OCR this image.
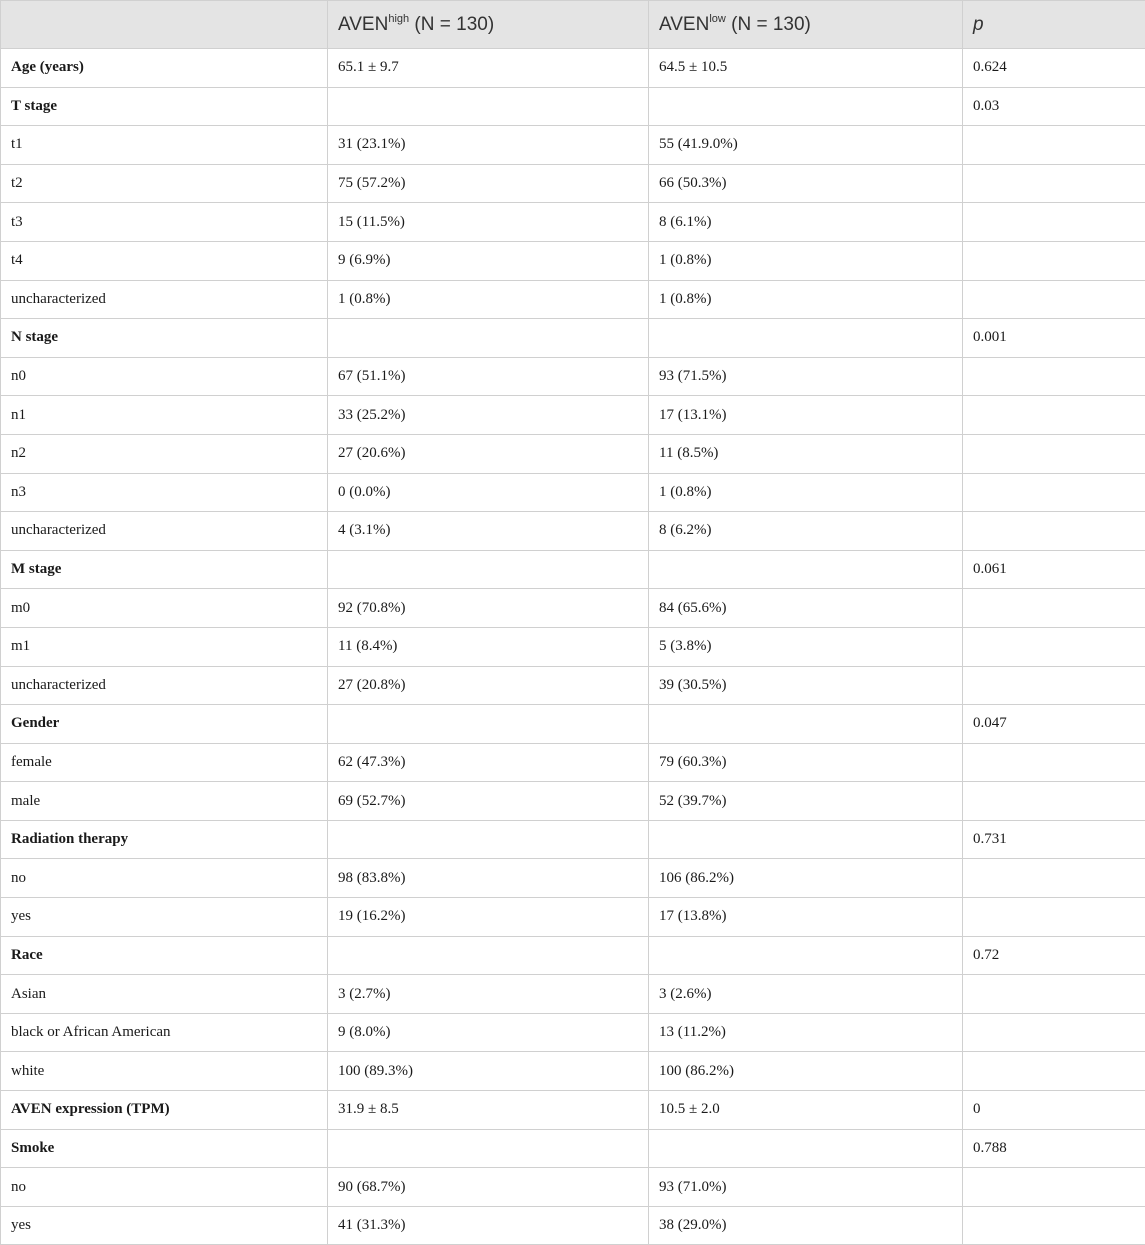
	$AVEN^{high}$ (N = 130)	$AVEN^{low}$ (N = 130)	p
Age (years)	65.1 ± 9.7	64.5 ± 10.5	0.624
T stage			0.03
t1	31 (23.1%)	55 (41.9.0%)	
t2	75 (57.2%)	66 (50.3%)	
t3	15 (11.5%)	8 (6.1%)	
t4	9 (6.9%)	1 (0.8%)	
uncharacterized	1 (0.8%)	1 (0.8%)	
N stage			0.001
n0	67 (51.1%)	93 (71.5%)	
n1	33 (25.2%)	17 (13.1%)	
n2	27 (20.6%)	11 (8.5%)	
n3	0 (0.0%)	1 (0.8%)	
uncharacterized	4 (3.1%)	8 (6.2%)	
M stage			0.061
m0	92 (70.8%)	84 (65.6%)	
m1	11 (8.4%)	5 (3.8%)	
uncharacterized	27 (20.8%)	39 (30.5%)	
Gender			0.047
female	62 (47.3%)	79 (60.3%)	
male	69 (52.7%)	52 (39.7%)	
Radiation therapy			0.731
no	98 (83.8%)	106 (86.2%)	
yes	19 (16.2%)	17 (13.8%)	
Race			0.72
Asian	3 (2.7%)	3 (2.6%)	
black or African American	9 (8.0%)	13 (11.2%)	
white	100 (89.3%)	100 (86.2%)	
AVEN expression (TPM)	31.9 ± 8.5	10.5 ± 2.0	0
Smoke			0.788
no	90 (68.7%)	93 (71.0%)	
yes	41 (31.3%)	38 (29.0%)	
